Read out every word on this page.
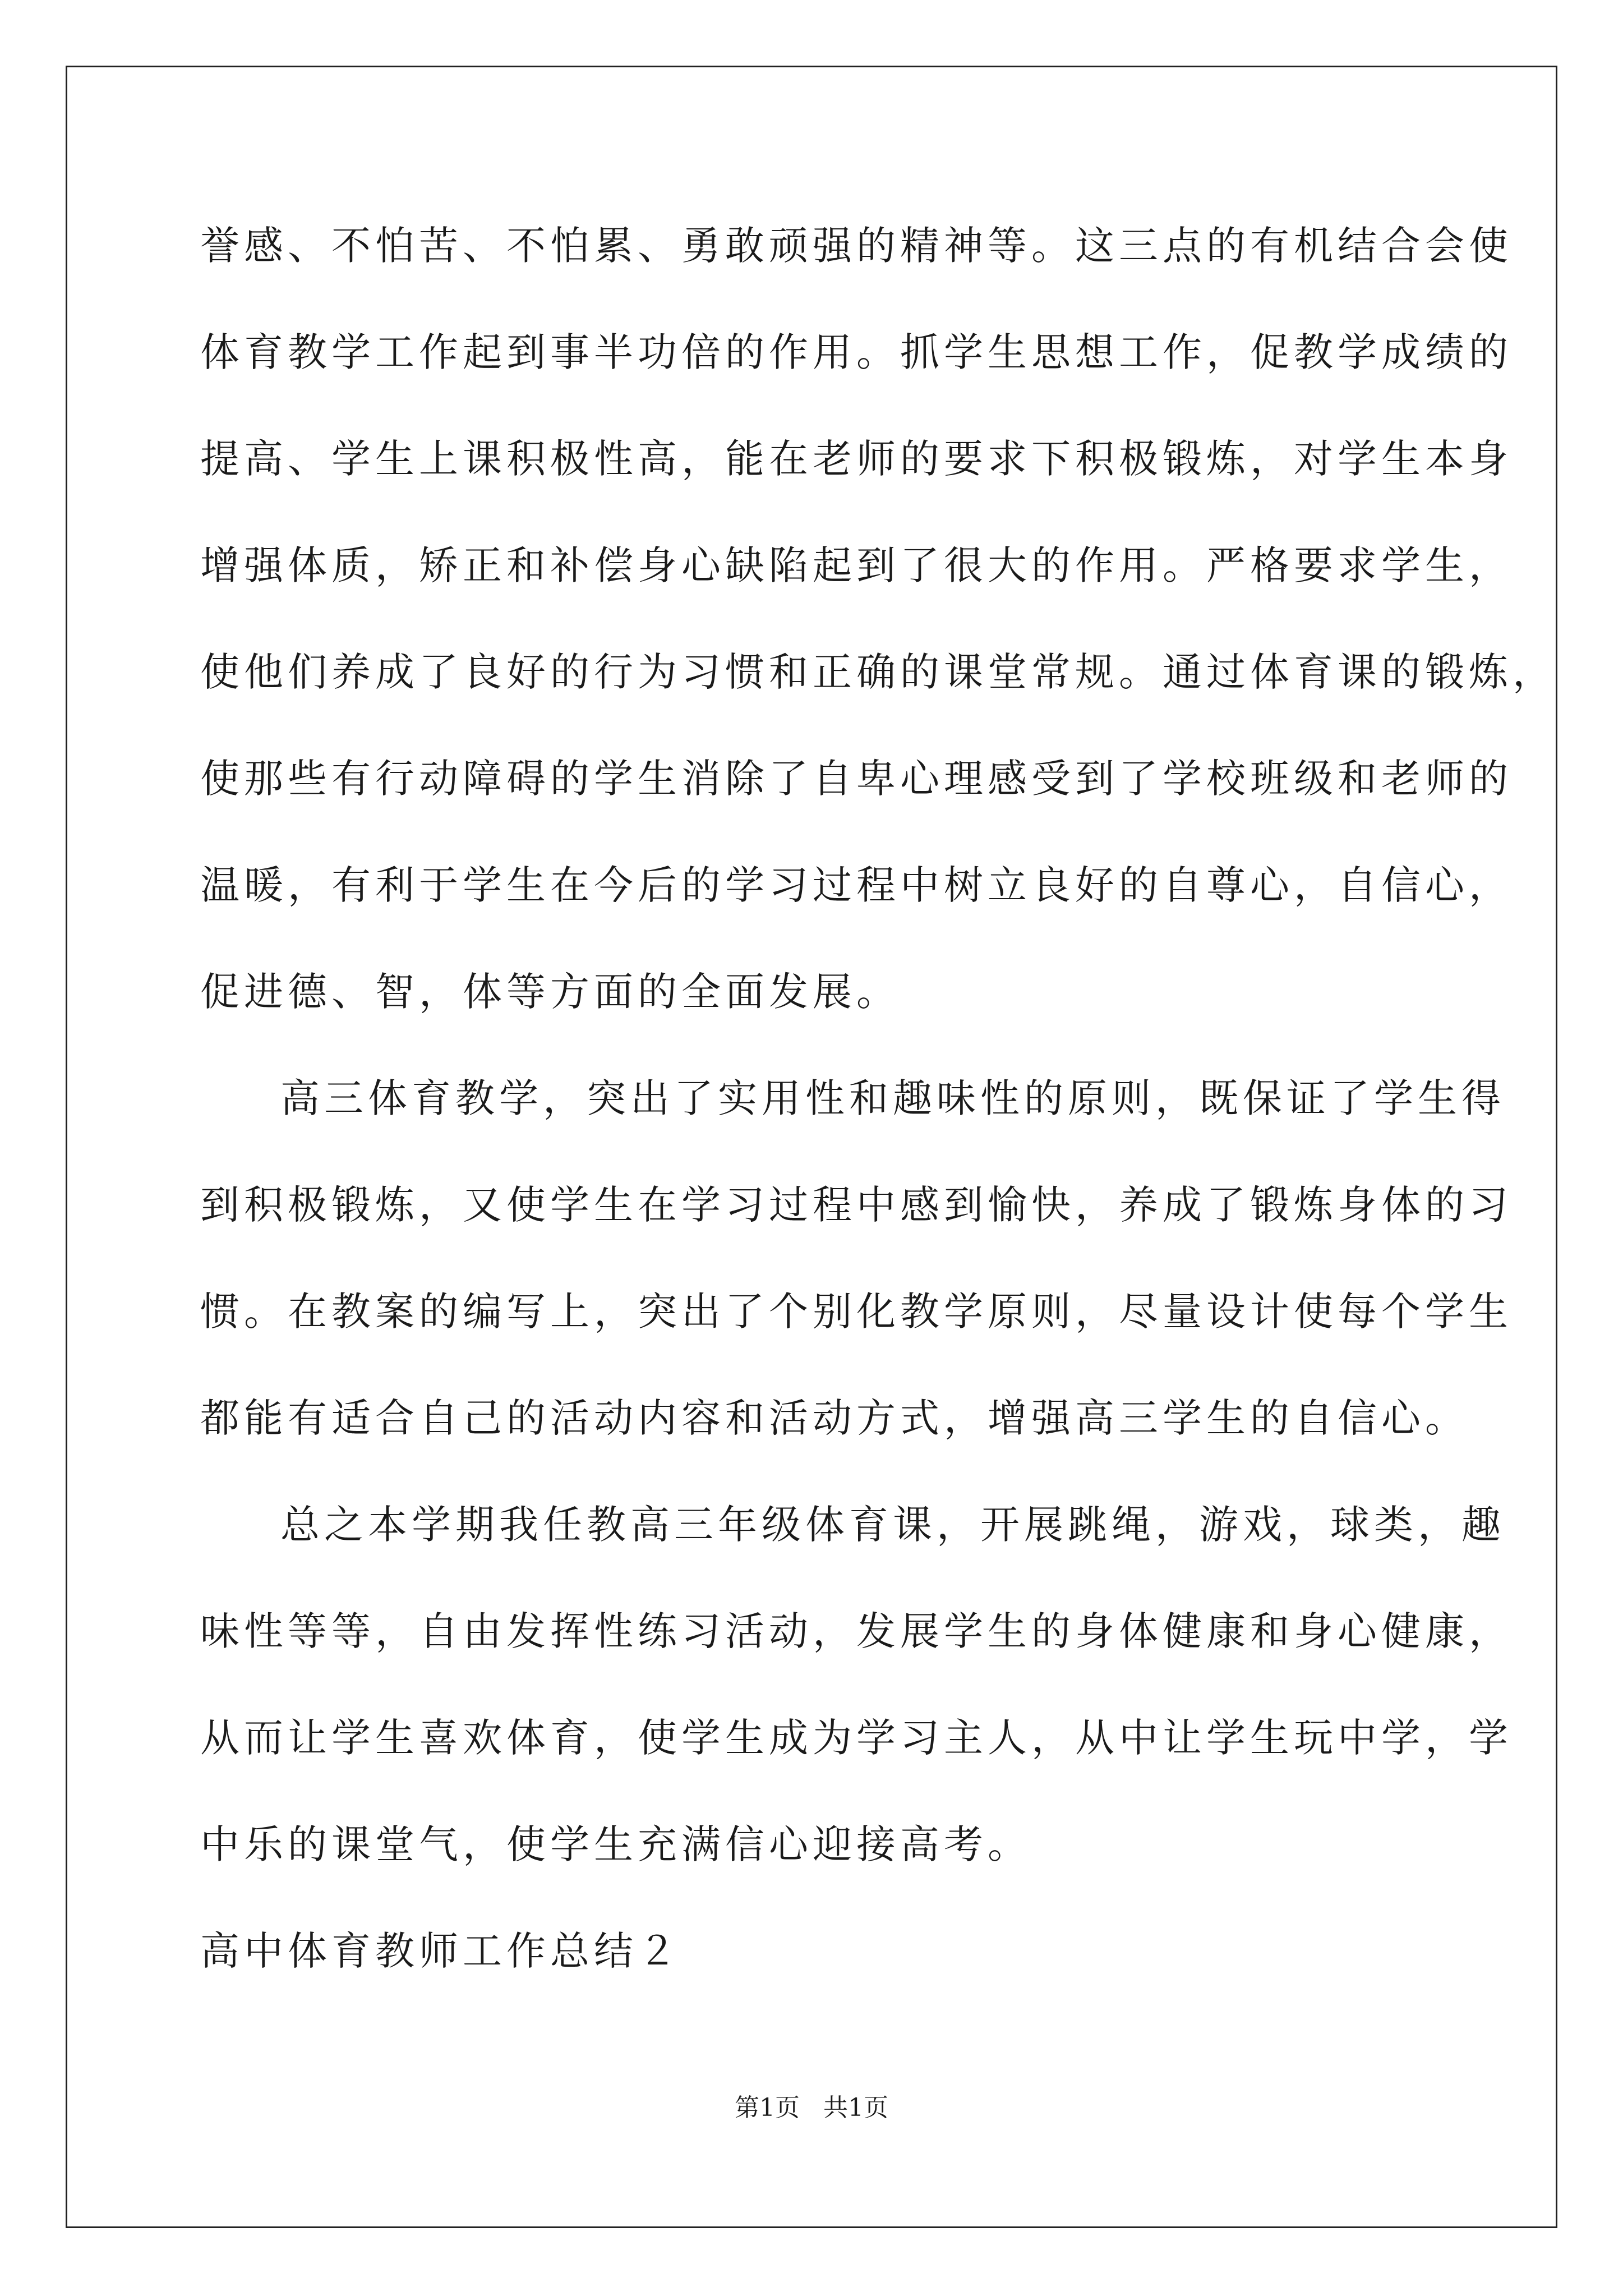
誉感、不怕苦、不怕累、勇敢顽强的精神等。这三点的有机结合会使
体育教学工作起到事半功倍的作用。抓学生思想工作，促教学成绩的
提高、学生上课积极性高，能在老师的要求下积极锻炼，对学生本身
增强体质，矫正和补偿身心缺陷起到了很大的作用。严格要求学生，
使他们养成了良好的行为习惯和正确的课堂常规。通过体育课的锻炼，
使那些有行动障碍的学生消除了自卑心理感受到了学校班级和老师的
温暖，有利于学生在今后的学习过程中树立良好的自尊心，自信心，
促进德、智，体等方面的全面发展。
高三体育教学，突出了实用性和趣味性的原则，既保证了学生得
到积极锻炼，又使学生在学习过程中感到愉快，养成了锻炼身体的习
惯。在教案的编写上，突出了个别化教学原则，尽量设计使每个学生
都能有适合自己的活动内容和活动方式，增强高三学生的自信心。
总之本学期我任教高三年级体育课，开展跳绳，游戏，球类，趣
味性等等，自由发挥性练习活动，发展学生的身体健康和身心健康，
从而让学生喜欢体育，使学生成为学习主人，从中让学生玩中学，学
中乐的课堂气，使学生充满信心迎接高考。
高中体育教师工作总结２
第1页   共1页
